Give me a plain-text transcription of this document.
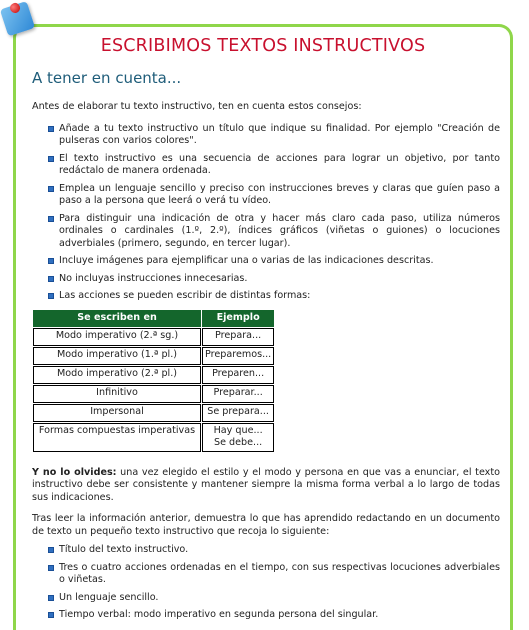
ESCRIBIMOS TEXTOS INSTRUCTIVOS
A tener en cuenta...

Antes de elaborar tu texto instructivo, ten en cuenta estos consejos:

Añade a tu texto instructivo un título que indique su finalidad. Por ejemplo "Creación de pulseras con varios colores".
El texto instructivo es una secuencia de acciones para lograr un objetivo, por tanto redáctalo de manera ordenada.
Emplea un lenguaje sencillo y preciso con instrucciones breves y claras que guíen paso a paso a la persona que leerá o verá tu vídeo.
Para distinguir una indicación de otra y hacer más claro cada paso, utiliza números ordinales o cardinales (1.º, 2.º), índices gráficos (viñetas o guiones) o locuciones adverbiales (primero, segundo, en tercer lugar).
Incluye imágenes para ejemplificar una o varias de las indicaciones descritas.
No incluyas instrucciones innecesarias.
Las acciones se pueden escribir de distintas formas:
Se escriben en	Ejemplo
Modo imperativo (2.ª sg.)	Prepara...
Modo imperativo (1.ª pl.)	Preparemos...
Modo imperativo (2.ª pl.)	Preparen...
Infinitivo	Preparar...
Impersonal	Se prepara...
Formas compuestas imperativas	Hay que...
Se debe...

Y no lo olvides: una vez elegido el estilo y el modo y persona en que vas a enunciar, el texto instructivo debe ser consistente y mantener siempre la misma forma verbal a lo largo de todas sus indicaciones.

Tras leer la información anterior, demuestra lo que has aprendido redactando en un documento de texto un pequeño texto instructivo que recoja lo siguiente:

Título del texto instructivo.
Tres o cuatro acciones ordenadas en el tiempo, con sus respectivas locuciones adverbiales o viñetas.
Un lenguaje sencillo.
Tiempo verbal: modo imperativo en segunda persona del singular.
